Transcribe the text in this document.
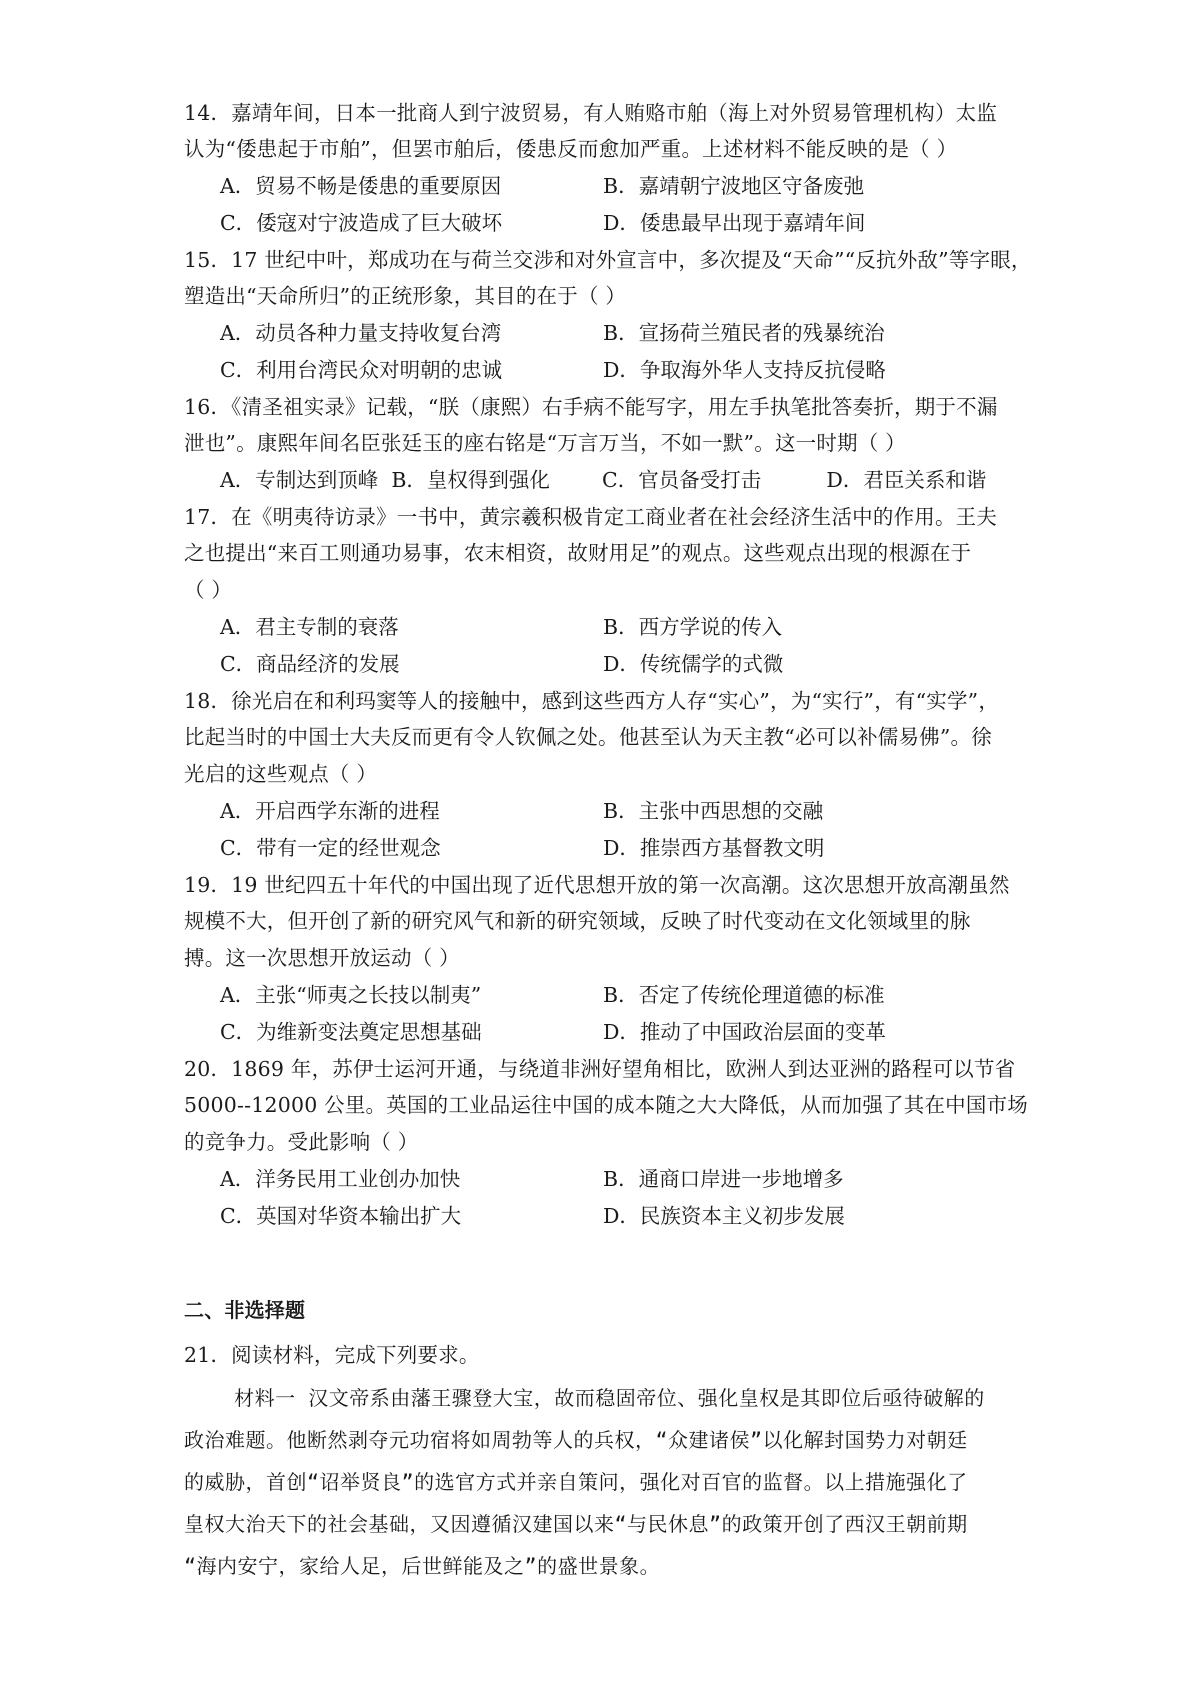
14．嘉靖年间，日本一批商人到宁波贸易，有人贿赂市舶（海上对外贸易管理机构）太监
认为“倭患起于市舶”，但罢市舶后，倭患反而愈加严重。上述材料不能反映的是（ ）
A．贸易不畅是倭患的重要原因	B．嘉靖朝宁波地区守备废弛
C．倭寇对宁波造成了巨大破坏	D．倭患最早出现于嘉靖年间
15．17 世纪中叶，郑成功在与荷兰交涉和对外宣言中，多次提及“天命”“反抗外敌”等字眼，
塑造出“天命所归”的正统形象，其目的在于（ ）
A．动员各种力量支持收复台湾	B．宣扬荷兰殖民者的残暴统治
C．利用台湾民众对明朝的忠诚	D．争取海外华人支持反抗侵略
16．《清圣祖实录》记载，“朕（康熙）右手病不能写字，用左手执笔批答奏折，期于不漏
泄也”。康熙年间名臣张廷玉的座右铭是“万言万当，不如一默”。这一时期（ ）
A．专制达到顶峰  B．皇权得到强化        C．官员备受打击          D．君臣关系和谐
17．在《明夷待访录》一书中，黄宗羲积极肯定工商业者在社会经济生活中的作用。王夫
之也提出“来百工则通功易事，农末相资，故财用足”的观点。这些观点出现的根源在于
（ ）
A．君主专制的衰落	B．西方学说的传入
C．商品经济的发展	D．传统儒学的式微
18．徐光启在和利玛窦等人的接触中，感到这些西方人存“实心”，为“实行”，有“实学”，
比起当时的中国士大夫反而更有令人钦佩之处。他甚至认为天主教“必可以补儒易佛”。徐
光启的这些观点（ ）
A．开启西学东渐的进程	B．主张中西思想的交融
C．带有一定的经世观念	D．推崇西方基督教文明
19．19 世纪四五十年代的中国出现了近代思想开放的第一次高潮。这次思想开放高潮虽然
规模不大，但开创了新的研究风气和新的研究领域，反映了时代变动在文化领域里的脉
搏。这一次思想开放运动（ ）
A．主张“师夷之长技以制夷”	B．否定了传统伦理道德的标准
C．为维新变法奠定思想基础	D．推动了中国政治层面的变革
20．1869 年，苏伊士运河开通，与绕道非洲好望角相比，欧洲人到达亚洲的路程可以节省
5000--12000 公里。英国的工业品运往中国的成本随之大大降低，从而加强了其在中国市场
的竞争力。受此影响（ ）
A．洋务民用工业创办加快	B．通商口岸进一步地增多
C．英国对华资本输出扩大	D．民族资本主义初步发展
二、非选择题
21．阅读材料，完成下列要求。
材料一 汉文帝系由藩王骤登大宝，故而稳固帝位、强化皇权是其即位后亟待破解的
政治难题。他断然剥夺元功宿将如周勃等人的兵权，“众建诸侯”以化解封国势力对朝廷
的威胁，首创“诏举贤良”的选官方式并亲自策问，强化对百官的监督。以上措施强化了
皇权大治天下的社会基础，又因遵循汉建国以来“与民休息”的政策开创了西汉王朝前期
“海内安宁，家给人足，后世鲜能及之”的盛世景象。
